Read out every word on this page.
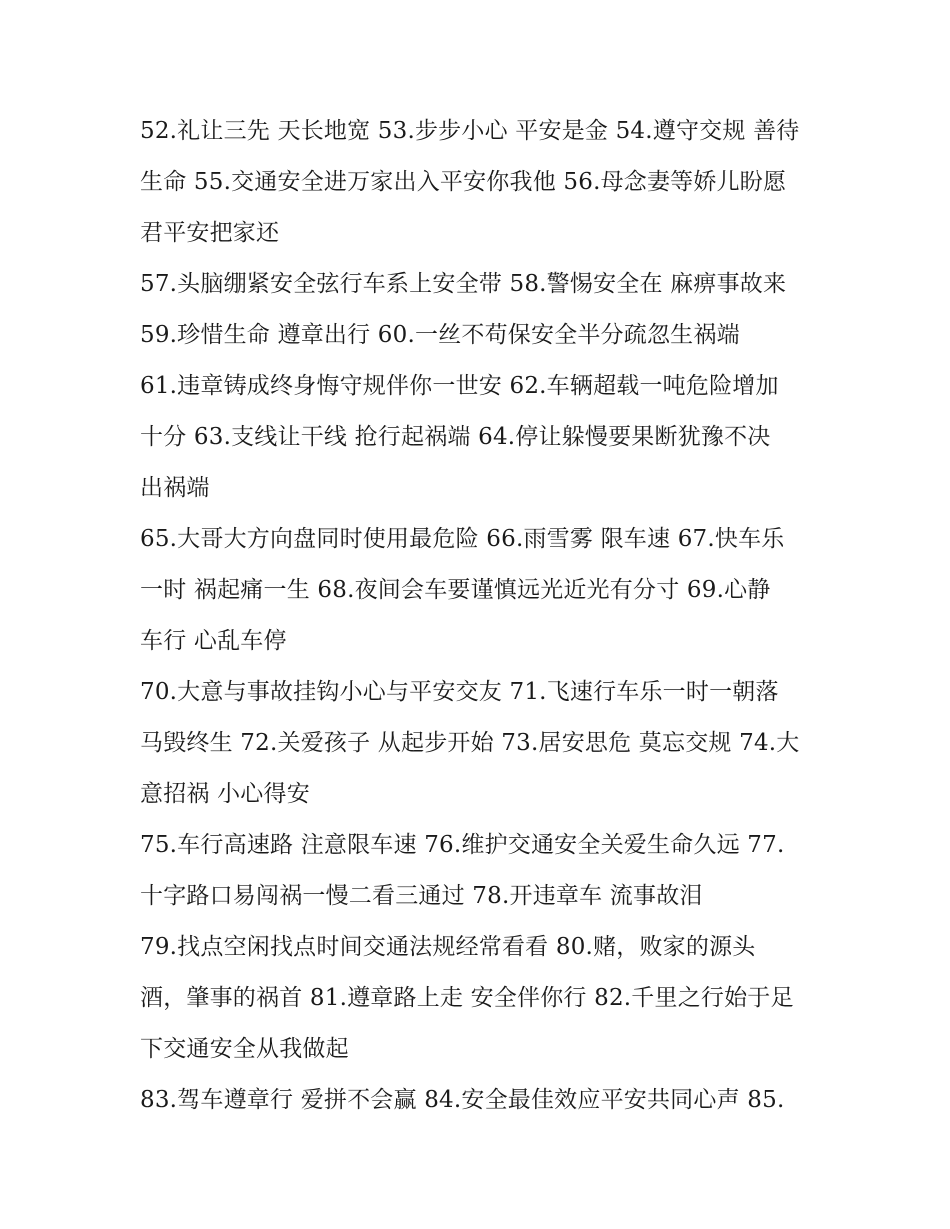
52.礼让三先 天长地宽 53.步步小心 平安是金 54.遵守交规 善待
生命 55.交通安全进万家出入平安你我他 56.母念妻等娇儿盼愿
君平安把家还
57.头脑绷紧安全弦行车系上安全带 58.警惕安全在 麻痹事故来
59.珍惜生命 遵章出行 60.一丝不苟保安全半分疏忽生祸端
61.违章铸成终身悔守规伴你一世安 62.车辆超载一吨危险增加
十分 63.支线让干线 抢行起祸端 64.停让躲慢要果断犹豫不决
出祸端
65.大哥大方向盘同时使用最危险 66.雨雪雾 限车速 67.快车乐
一时 祸起痛一生 68.夜间会车要谨慎远光近光有分寸 69.心静
车行 心乱车停
70.大意与事故挂钩小心与平安交友 71.飞速行车乐一时一朝落
马毁终生 72.关爱孩子 从起步开始 73.居安思危 莫忘交规 74.大
意招祸 小心得安
75.车行高速路 注意限车速 76.维护交通安全关爱生命久远 77.
十字路口易闯祸一慢二看三通过 78.开违章车 流事故泪
79.找点空闲找点时间交通法规经常看看 80.赌，败家的源头
酒，肇事的祸首 81.遵章路上走 安全伴你行 82.千里之行始于足
下交通安全从我做起
83.驾车遵章行 爱拼不会赢 84.安全最佳效应平安共同心声 85.
